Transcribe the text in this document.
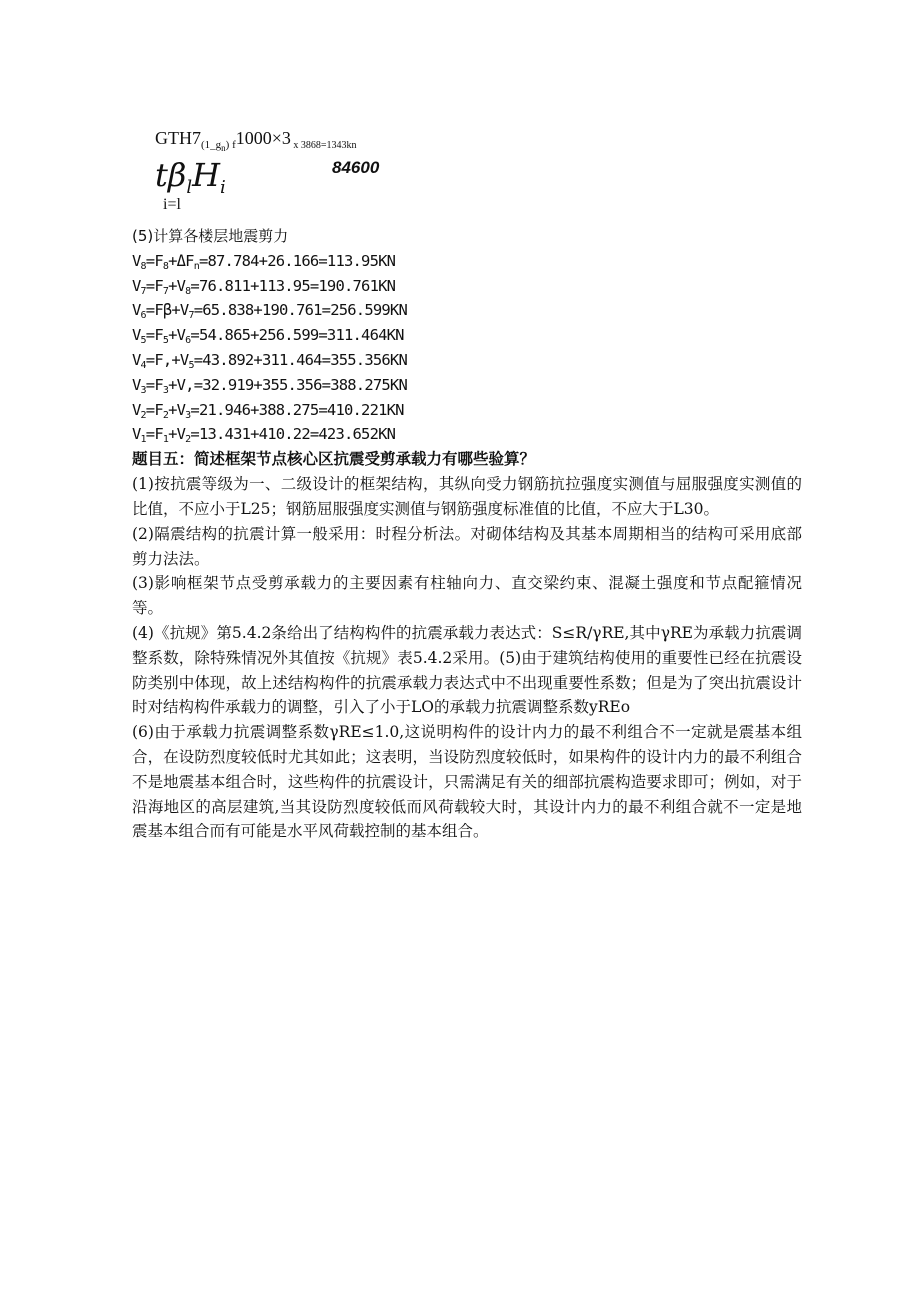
$GTH7_{(1\_gn) f}1000\times 3$ $_{x 3868=1343kn}$
$t\beta_lH_i$
84600
i=l
(5)计算各楼层地震剪力
$V_8=F_8+\Delta F_n=87.784+26.166=113.95KN$
$V_7=F_7+V_8=76.811+113.95=190.761KN$
$V_6=F\beta+V_7=65.838+190.761=256.599KN$
$V_5=F_5+V_6=54.865+256.599=311.464KN$
$V_4=F,+V_5=43.892+311.464=355.356KN$
$V_3=F_3+V,=32.919+355.356=388.275KN$
$V_2=F_2+V_3=21.946+388.275=410.221KN$
$V_1=F_1+V_2=13.431+410.22=423.652KN$
题目五：简述框架节点核心区抗震受剪承载力有哪些验算？

(1)按抗震等级为一、二级设计的框架结构，其纵向受力钢筋抗拉强度实测值与屈服强度实测值的比值，不应小于L25；钢筋屈服强度实测值与钢筋强度标准值的比值，不应大于L30。

(2)隔震结构的抗震计算一般采用：时程分析法。对砌体结构及其基本周期相当的结构可采用底部剪力法法。

(3)影响框架节点受剪承载力的主要因素有柱轴向力、直交梁约束、混凝土强度和节点配箍情况等。

(4)《抗规》第5.4.2条给出了结构构件的抗震承载力表达式：S≤R/γRE,其中γRE为承载力抗震调整系数，除特殊情况外其值按《抗规》表5.4.2采用。(5)由于建筑结构使用的重要性已经在抗震设防类别中体现，故上述结构构件的抗震承载力表达式中不出现重要性系数；但是为了突出抗震设计时对结构构件承载力的调整，引入了小于LO的承载力抗震调整系数yREo

(6)由于承载力抗震调整系数γRE≤1.0,这说明构件的设计内力的最不利组合不一定就是震基本组合，在设防烈度较低时尤其如此；这表明，当设防烈度较低时，如果构件的设计内力的最不利组合不是地震基本组合时，这些构件的抗震设计，只需满足有关的细部抗震构造要求即可；例如，对于沿海地区的高层建筑,当其设防烈度较低而风荷载较大时，其设计内力的最不利组合就不一定是地震基本组合而有可能是水平风荷载控制的基本组合。
